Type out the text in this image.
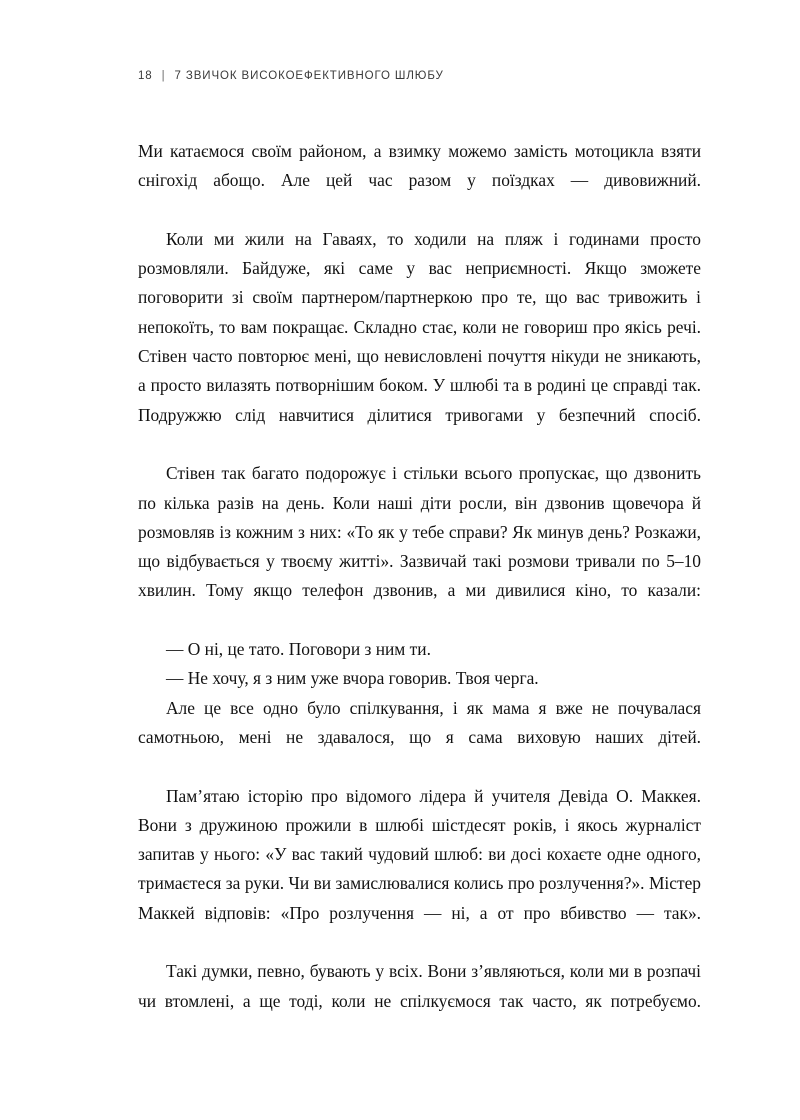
18 | 7 ЗВИЧОК ВИСОКОЕФЕКТИВНОГО ШЛЮБУ

Ми катаємося своїм районом, а взимку можемо замість мотоцикла взяти снігохід абощо. Але цей час разом у поїздках — дивовижний.

Коли ми жили на Гаваях, то ходили на пляж і годинами просто розмовляли. Байдуже, які саме у вас неприємності. Якщо зможете поговорити зі своїм партнером/партнеркою про те, що вас тривожить і непокоїть, то вам покращає. Складно стає, коли не говориш про якісь речі. Стівен часто повторює мені, що невисловлені почуття нікуди не зникають, а просто вилазять потворнішим боком. У шлюбі та в родині це справді так. Подружжю слід навчитися ділитися тривогами у безпечний спосіб.

Стівен так багато подорожує і стільки всього пропускає, що дзвонить по кілька разів на день. Коли наші діти росли, він дзвонив щовечора й розмовляв із кожним з них: «То як у тебе справи? Як минув день? Розкажи, що відбувається у твоєму житті». Зазвичай такі розмови тривали по 5–10 хвилин. Тому якщо телефон дзвонив, а ми дивилися кіно, то казали:

— О ні, це тато. Поговори з ним ти.

— Не хочу, я з ним уже вчора говорив. Твоя черга.

Але це все одно було спілкування, і як мама я вже не почувалася самотньою, мені не здавалося, що я сама виховую наших дітей.

Пам’ятаю історію про відомого лідера й учителя Девіда О. Маккея. Вони з дружиною прожили в шлюбі шістдесят років, і якось журналіст запитав у нього: «У вас такий чудовий шлюб: ви досі кохаєте одне одного, тримаєтеся за руки. Чи ви замислювалися колись про розлучення?». Містер Маккей відповів: «Про розлучення — ні, а от про вбивство — так».

Такі думки, певно, бувають у всіх. Вони з’являються, коли ми в розпачі чи втомлені, а ще тоді, коли не спілкуємося так часто, як потребуємо.
